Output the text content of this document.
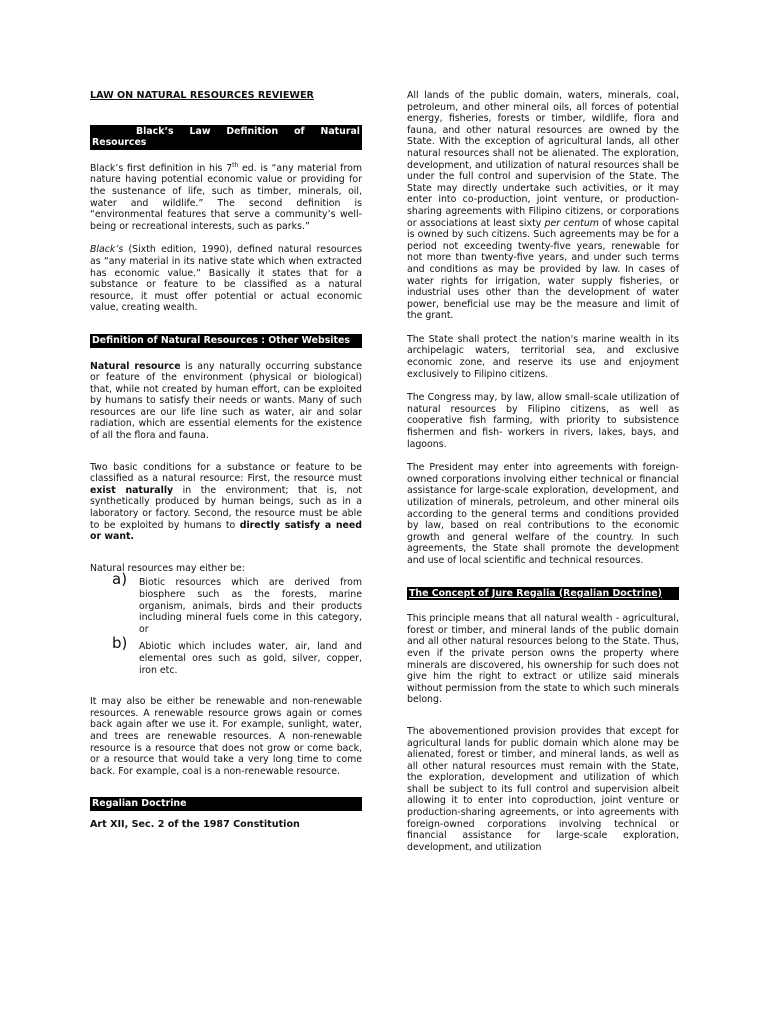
LAW ON NATURAL RESOURCES REVIEWER
Black’s Law Definition of Natural Resources

Black’s first definition in his 7th ed. is “any material from nature having potential economic value or providing for the sustenance of life, such as timber, minerals, oil, water and wildlife.” The second definition is “environmental features that serve a community’s well-being or recreational interests, such as parks.”

Black’s (Sixth edition, 1990), defined natural resources as “any material in its native state which when extracted has economic value.” Basically it states that for a substance or feature to be classified as a natural resource, it must offer potential or actual economic value, creating wealth.

Definition of Natural Resources : Other Websites

Natural resource is any naturally occurring substance or feature of the environment (physical or biological) that, while not created by human effort, can be exploited by humans to satisfy their needs or wants. Many of such resources are our life line such as water, air and solar radiation, which are essential elements for the existence of all the flora and fauna.

Two basic conditions for a substance or feature to be classified as a natural resource: First, the resource must exist naturally in the environment; that is, not synthetically produced by human beings, such as in a laboratory or factory. Second, the resource must be able to be exploited by humans to directly satisfy a need or want.

Natural resources may either be:

a) Biotic resources which are derived from biosphere such as the forests, marine organism, animals, birds and their products including mineral fuels come in this category, or
b) Abiotic which includes water, air, land and elemental ores such as gold, silver, copper, iron etc.

It may also be either be renewable and non-renewable resources. A renewable resource grows again or comes back again after we use it. For example, sunlight, water, and trees are renewable resources. A non-renewable resource is a resource that does not grow or come back, or a resource that would take a very long time to come back. For example, coal is a non-renewable resource.

Regalian Doctrine
Art XII, Sec. 2 of the 1987 Constitution

All lands of the public domain, waters, minerals, coal, petroleum, and other mineral oils, all forces of potential energy, fisheries, forests or timber, wildlife, flora and fauna, and other natural resources are owned by the State. With the exception of agricultural lands, all other natural resources shall not be alienated. The exploration, development, and utilization of natural resources shall be under the full control and supervision of the State. The State may directly undertake such activities, or it may enter into co-production, joint venture, or production-sharing agreements with Filipino citizens, or corporations or associations at least sixty per centum of whose capital is owned by such citizens. Such agreements may be for a period not exceeding twenty-five years, renewable for not more than twenty-five years, and under such terms and conditions as may be provided by law. In cases of water rights for irrigation, water supply fisheries, or industrial uses other than the development of water power, beneficial use may be the measure and limit of the grant.

The State shall protect the nation's marine wealth in its archipelagic waters, territorial sea, and exclusive economic zone, and reserve its use and enjoyment exclusively to Filipino citizens.

The Congress may, by law, allow small-scale utilization of natural resources by Filipino citizens, as well as cooperative fish farming, with priority to subsistence fishermen and fish- workers in rivers, lakes, bays, and lagoons.

The President may enter into agreements with foreign-owned corporations involving either technical or financial assistance for large-scale exploration, development, and utilization of minerals, petroleum, and other mineral oils according to the general terms and conditions provided by law, based on real contributions to the economic growth and general welfare of the country. In such agreements, the State shall promote the development and use of local scientific and technical resources.

The Concept of Jure Regalia (Regalian Doctrine)

This principle means that all natural wealth - agricultural, forest or timber, and mineral lands of the public domain and all other natural resources belong to the State. Thus, even if the private person owns the property where minerals are discovered, his ownership for such does not give him the right to extract or utilize said minerals without permission from the state to which such minerals belong.

The abovementioned provision provides that except for agricultural lands for public domain which alone may be alienated, forest or timber, and mineral lands, as well as all other natural resources must remain with the State, the exploration, development and utilization of which shall be subject to its full control and supervision albeit allowing it to enter into coproduction, joint venture or production-sharing agreements, or into agreements with foreign-owned corporations involving technical or financial assistance for large-scale exploration, development, and utilization
